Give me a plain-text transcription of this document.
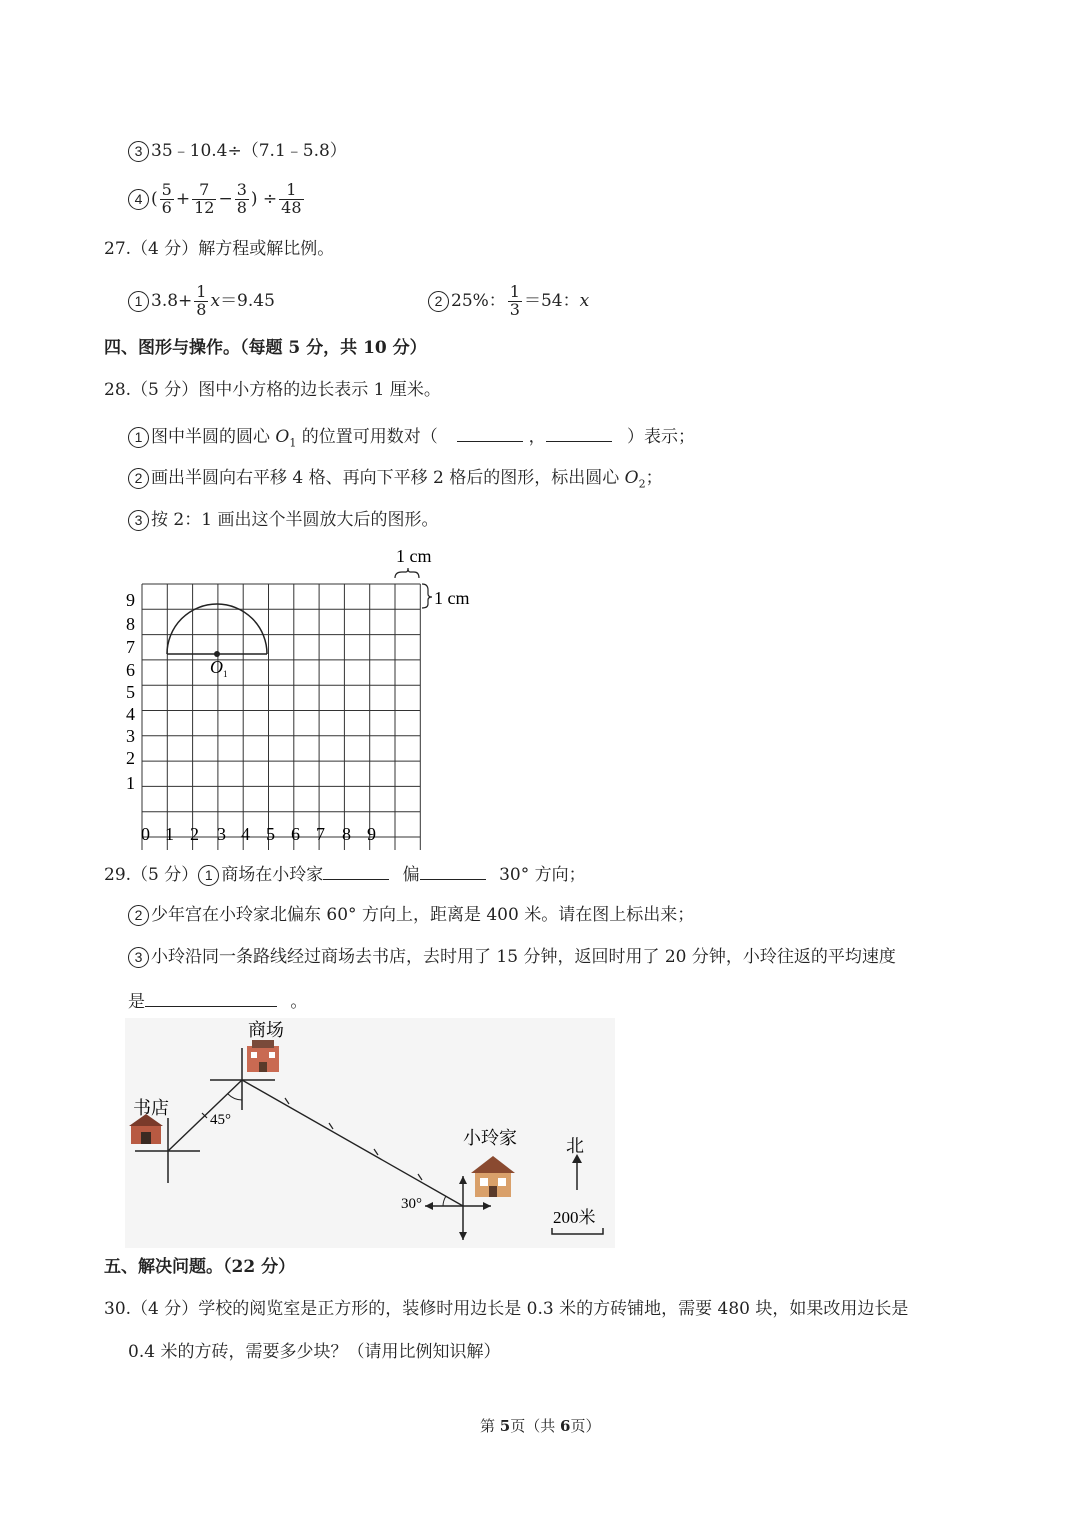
3 35﹣10.4÷（7.1﹣5.8）
4 ( $\frac{5}{6} + \frac{7}{12} - \frac{3}{8}$ ) ÷ $\frac{1}{48}$
27.（4 分）解方程或解比例。
1 $3.8+ \frac{1}{8} x=9.45$	2 25%： $\frac{1}{3} =54$：x
四、图形与操作。（每题 5 分，共 10 分）
28.（5 分）图中小方格的边长表示 1 厘米。
1 图中半圆的圆心 $O_1$ 的位置可用数对（	，	）表示；
2 画出半圆向右平移 4 格、再向下平移 2 格后的图形，标出圆心 $O_2$；
3 按 2：1 画出这个半圆放大后的图形。
O 1
1
2
3
4
5
6
7
8
9
0 1 2 3 4 5 6 7 8 9
1 cm
1 cm
29.（5 分） 1 商场在小玲家	偏	30° 方向；
2 少年宫在小玲家北偏东 60° 方向上，距离是 400 米。请在图上标出来；
3 小玲沿同一条路线经过商场去书店，去时用了 15 分钟，返回时用了 20 分钟，小玲往返的平均速度
是	。
商场
书店
小玲家
45°
30°
北
200米
五、解决问题。（22 分）
30.（4 分）学校的阅览室是正方形的，装修时用边长是 0.3 米的方砖铺地，需要 480 块，如果改用边长是
0.4 米的方砖，需要多少块？（请用比例知识解）
第 5页（共 6页）
